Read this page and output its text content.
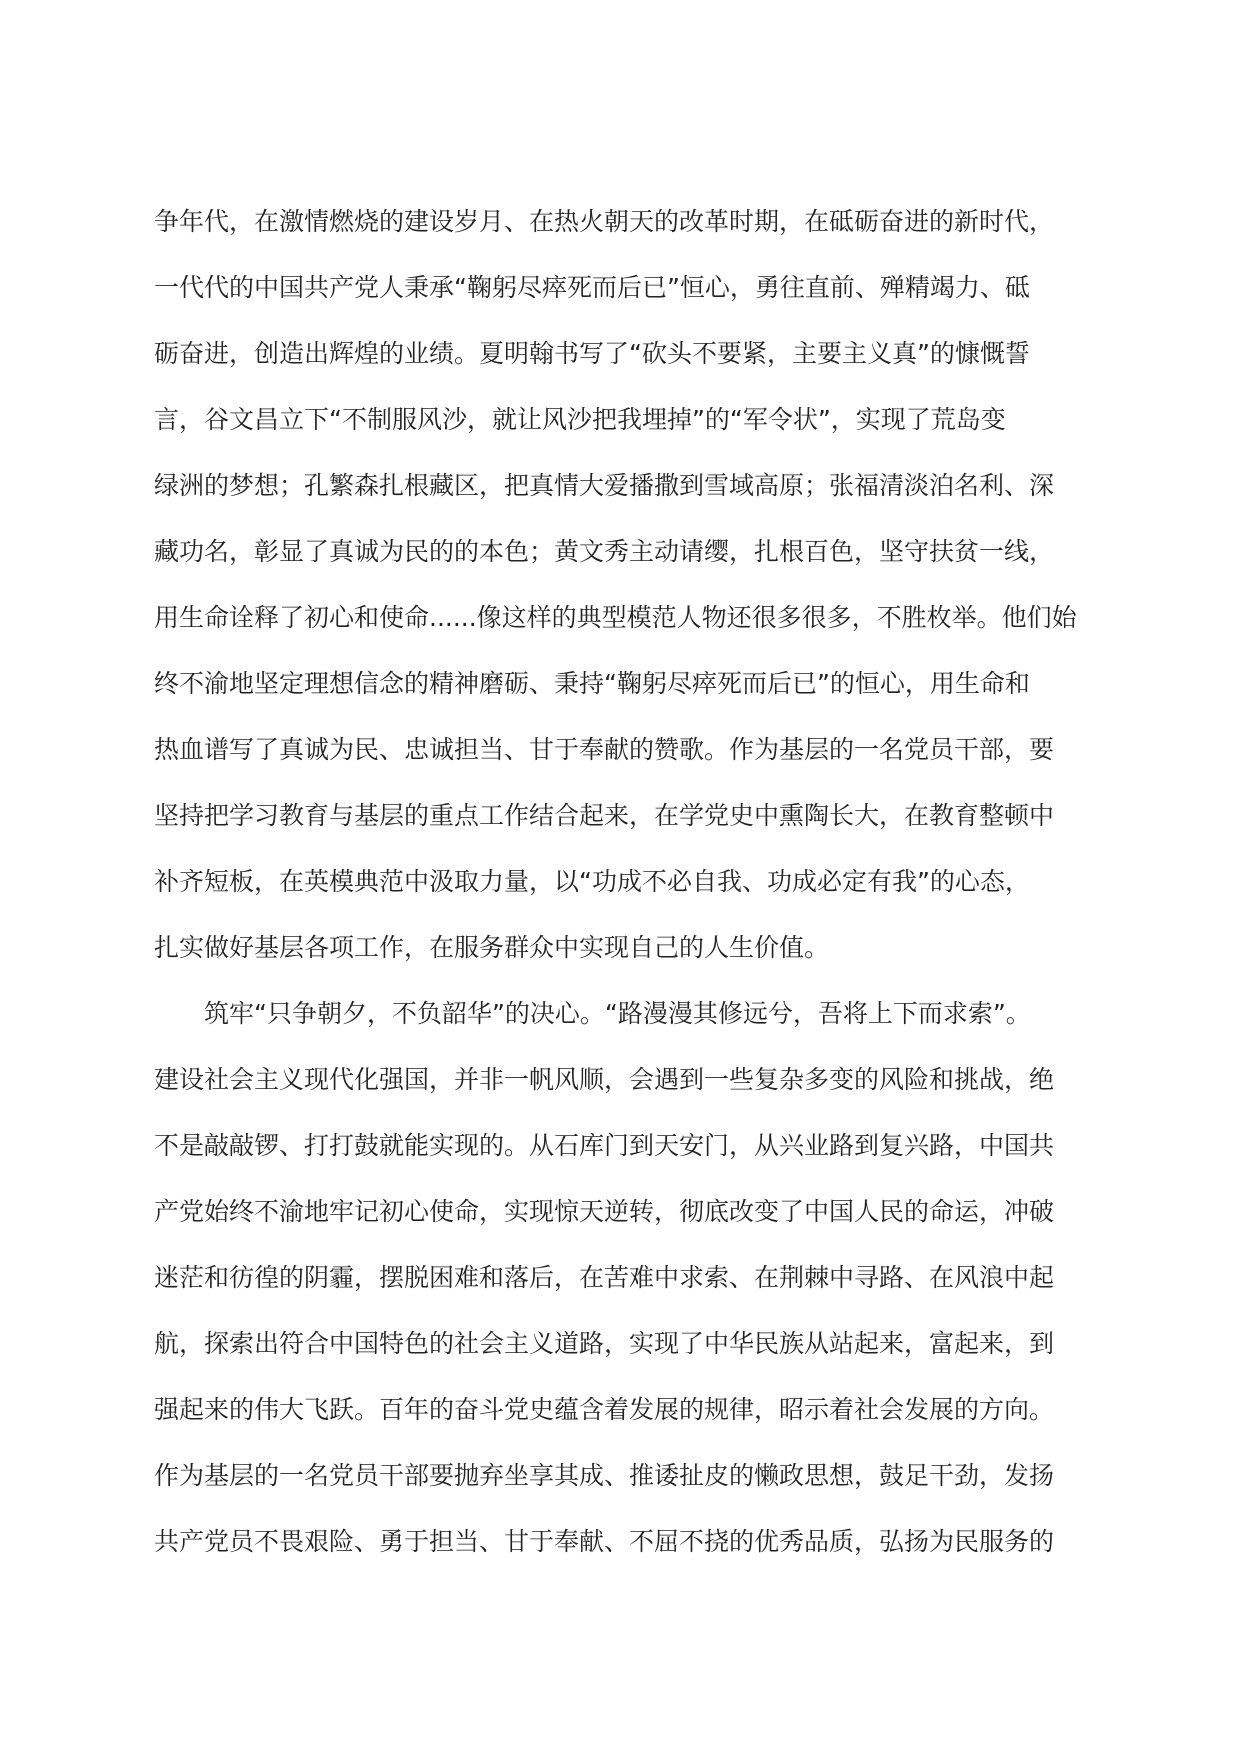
争年代，在激情燃烧的建设岁月、在热火朝天的改革时期，在砥砺奋进的新时代，
一代代的中国共产党人秉承“鞠躬尽瘁死而后已”恒心，勇往直前、殚精竭力、砥
砺奋进，创造出辉煌的业绩。夏明翰书写了“砍头不要紧，主要主义真”的慷慨誓
言，谷文昌立下“不制服风沙，就让风沙把我埋掉”的“军令状”，实现了荒岛变
绿洲的梦想；孔繁森扎根藏区，把真情大爱播撒到雪域高原；张福清淡泊名利、深
藏功名，彰显了真诚为民的的本色；黄文秀主动请缨，扎根百色，坚守扶贫一线，
用生命诠释了初心和使命......像这样的典型模范人物还很多很多，不胜枚举。他们始
终不渝地坚定理想信念的精神磨砺、秉持“鞠躬尽瘁死而后已”的恒心，用生命和
热血谱写了真诚为民、忠诚担当、甘于奉献的赞歌。作为基层的一名党员干部，要
坚持把学习教育与基层的重点工作结合起来，在学党史中熏陶长大，在教育整顿中
补齐短板，在英模典范中汲取力量，以“功成不必自我、功成必定有我”的心态，
扎实做好基层各项工作，在服务群众中实现自己的人生价值。
筑牢“只争朝夕，不负韶华”的决心。“路漫漫其修远兮，吾将上下而求索”。
建设社会主义现代化强国，并非一帆风顺，会遇到一些复杂多变的风险和挑战，绝
不是敲敲锣、打打鼓就能实现的。从石库门到天安门，从兴业路到复兴路，中国共
产党始终不渝地牢记初心使命，实现惊天逆转，彻底改变了中国人民的命运，冲破
迷茫和彷徨的阴霾，摆脱困难和落后，在苦难中求索、在荆棘中寻路、在风浪中起
航，探索出符合中国特色的社会主义道路，实现了中华民族从站起来，富起来，到
强起来的伟大飞跃。百年的奋斗党史蕴含着发展的规律，昭示着社会发展的方向。
作为基层的一名党员干部要抛弃坐享其成、推诿扯皮的懒政思想，鼓足干劲，发扬
共产党员不畏艰险、勇于担当、甘于奉献、不屈不挠的优秀品质，弘扬为民服务的
